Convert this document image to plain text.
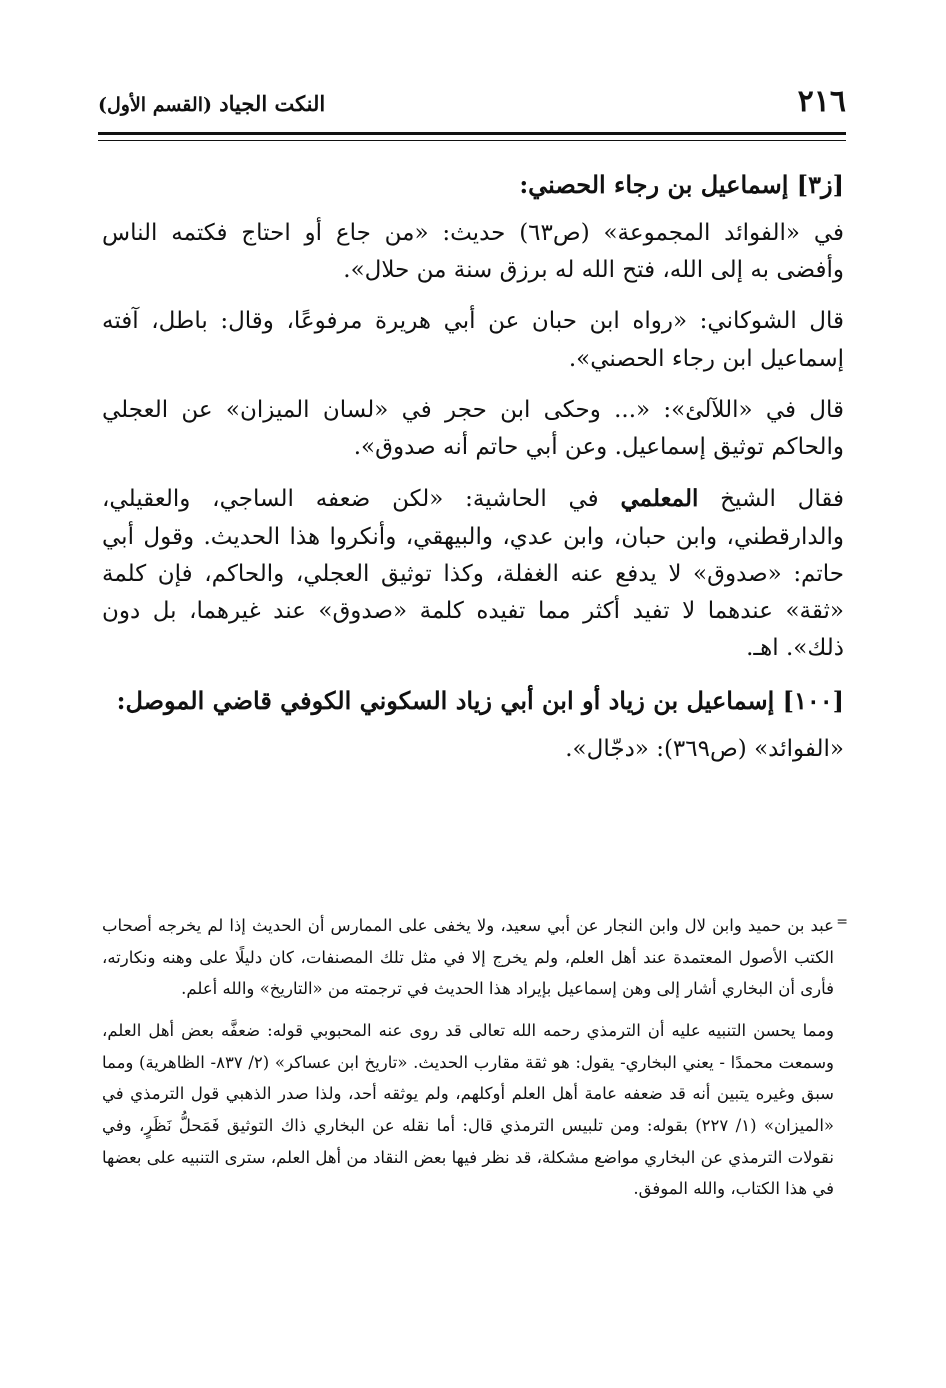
٢١٦
النكت الجياد (القسم الأول)
[ز٣] إسماعيل بن رجاء الحصني:

في «الفوائد المجموعة» (ص٦٣) حديث: «من جاع أو احتاج فكتمه الناس وأفضى به إلى الله، فتح الله له برزق سنة من حلال».

قال الشوكاني: «رواه ابن حبان عن أبي هريرة مرفوعًا، وقال: باطل، آفته إسماعيل ابن رجاء الحصني».

قال في «اللآلئ»: «... وحكى ابن حجر في «لسان الميزان» عن العجلي والحاكم توثيق إسماعيل. وعن أبي حاتم أنه صدوق».

فقال الشيخ المعلمي في الحاشية: «لكن ضعفه الساجي، والعقيلي، والدارقطني، وابن حبان، وابن عدي، والبيهقي، وأنكروا هذا الحديث. وقول أبي حاتم: «صدوق» لا يدفع عنه الغفلة، وكذا توثيق العجلي، والحاكم، فإن كلمة «ثقة» عندهما لا تفيد أكثر مما تفيده كلمة «صدوق» عند غيرهما، بل دون ذلك». اهـ.

[١٠٠] إسماعيل بن زياد أو ابن أبي زياد السكوني الكوفي قاضي الموصل:

«الفوائد» (ص٣٦٩): «دجّال».

=

عبد بن حميد وابن لال وابن النجار عن أبي سعيد، ولا يخفى على الممارس أن الحديث إذا لم يخرجه أصحاب الكتب الأصول المعتمدة عند أهل العلم، ولم يخرج إلا في مثل تلك المصنفات، كان دليلًا على وهنه ونكارته، فأرى أن البخاري أشار إلى وهن إسماعيل بإيراد هذا الحديث في ترجمته من «التاريخ» والله أعلم.

ومما يحسن التنبيه عليه أن الترمذي رحمه الله تعالى قد روى عنه المحبوبي قوله: ضعفَّه بعض أهل العلم، وسمعت محمدًا - يعني البخاري- يقول: هو ثقة مقارب الحديث. «تاريخ ابن عساكر» (٢/ ٨٣٧- الظاهرية) ومما سبق وغيره يتبين أنه قد ضعفه عامة أهل العلم أوكلهم، ولم يوثقه أحد، ولذا صدر الذهبي قول الترمذي في «الميزان» (١/ ٢٢٧) بقوله: ومن تلبيس الترمذي قال: أما نقله عن البخاري ذاك التوثيق فَمَحلُّ نَظَرٍ، وفي نقولات الترمذي عن البخاري مواضع مشكلة، قد نظر فيها بعض النقاد من أهل العلم، سترى التنبيه على بعضها في هذا الكتاب، والله الموفق.
